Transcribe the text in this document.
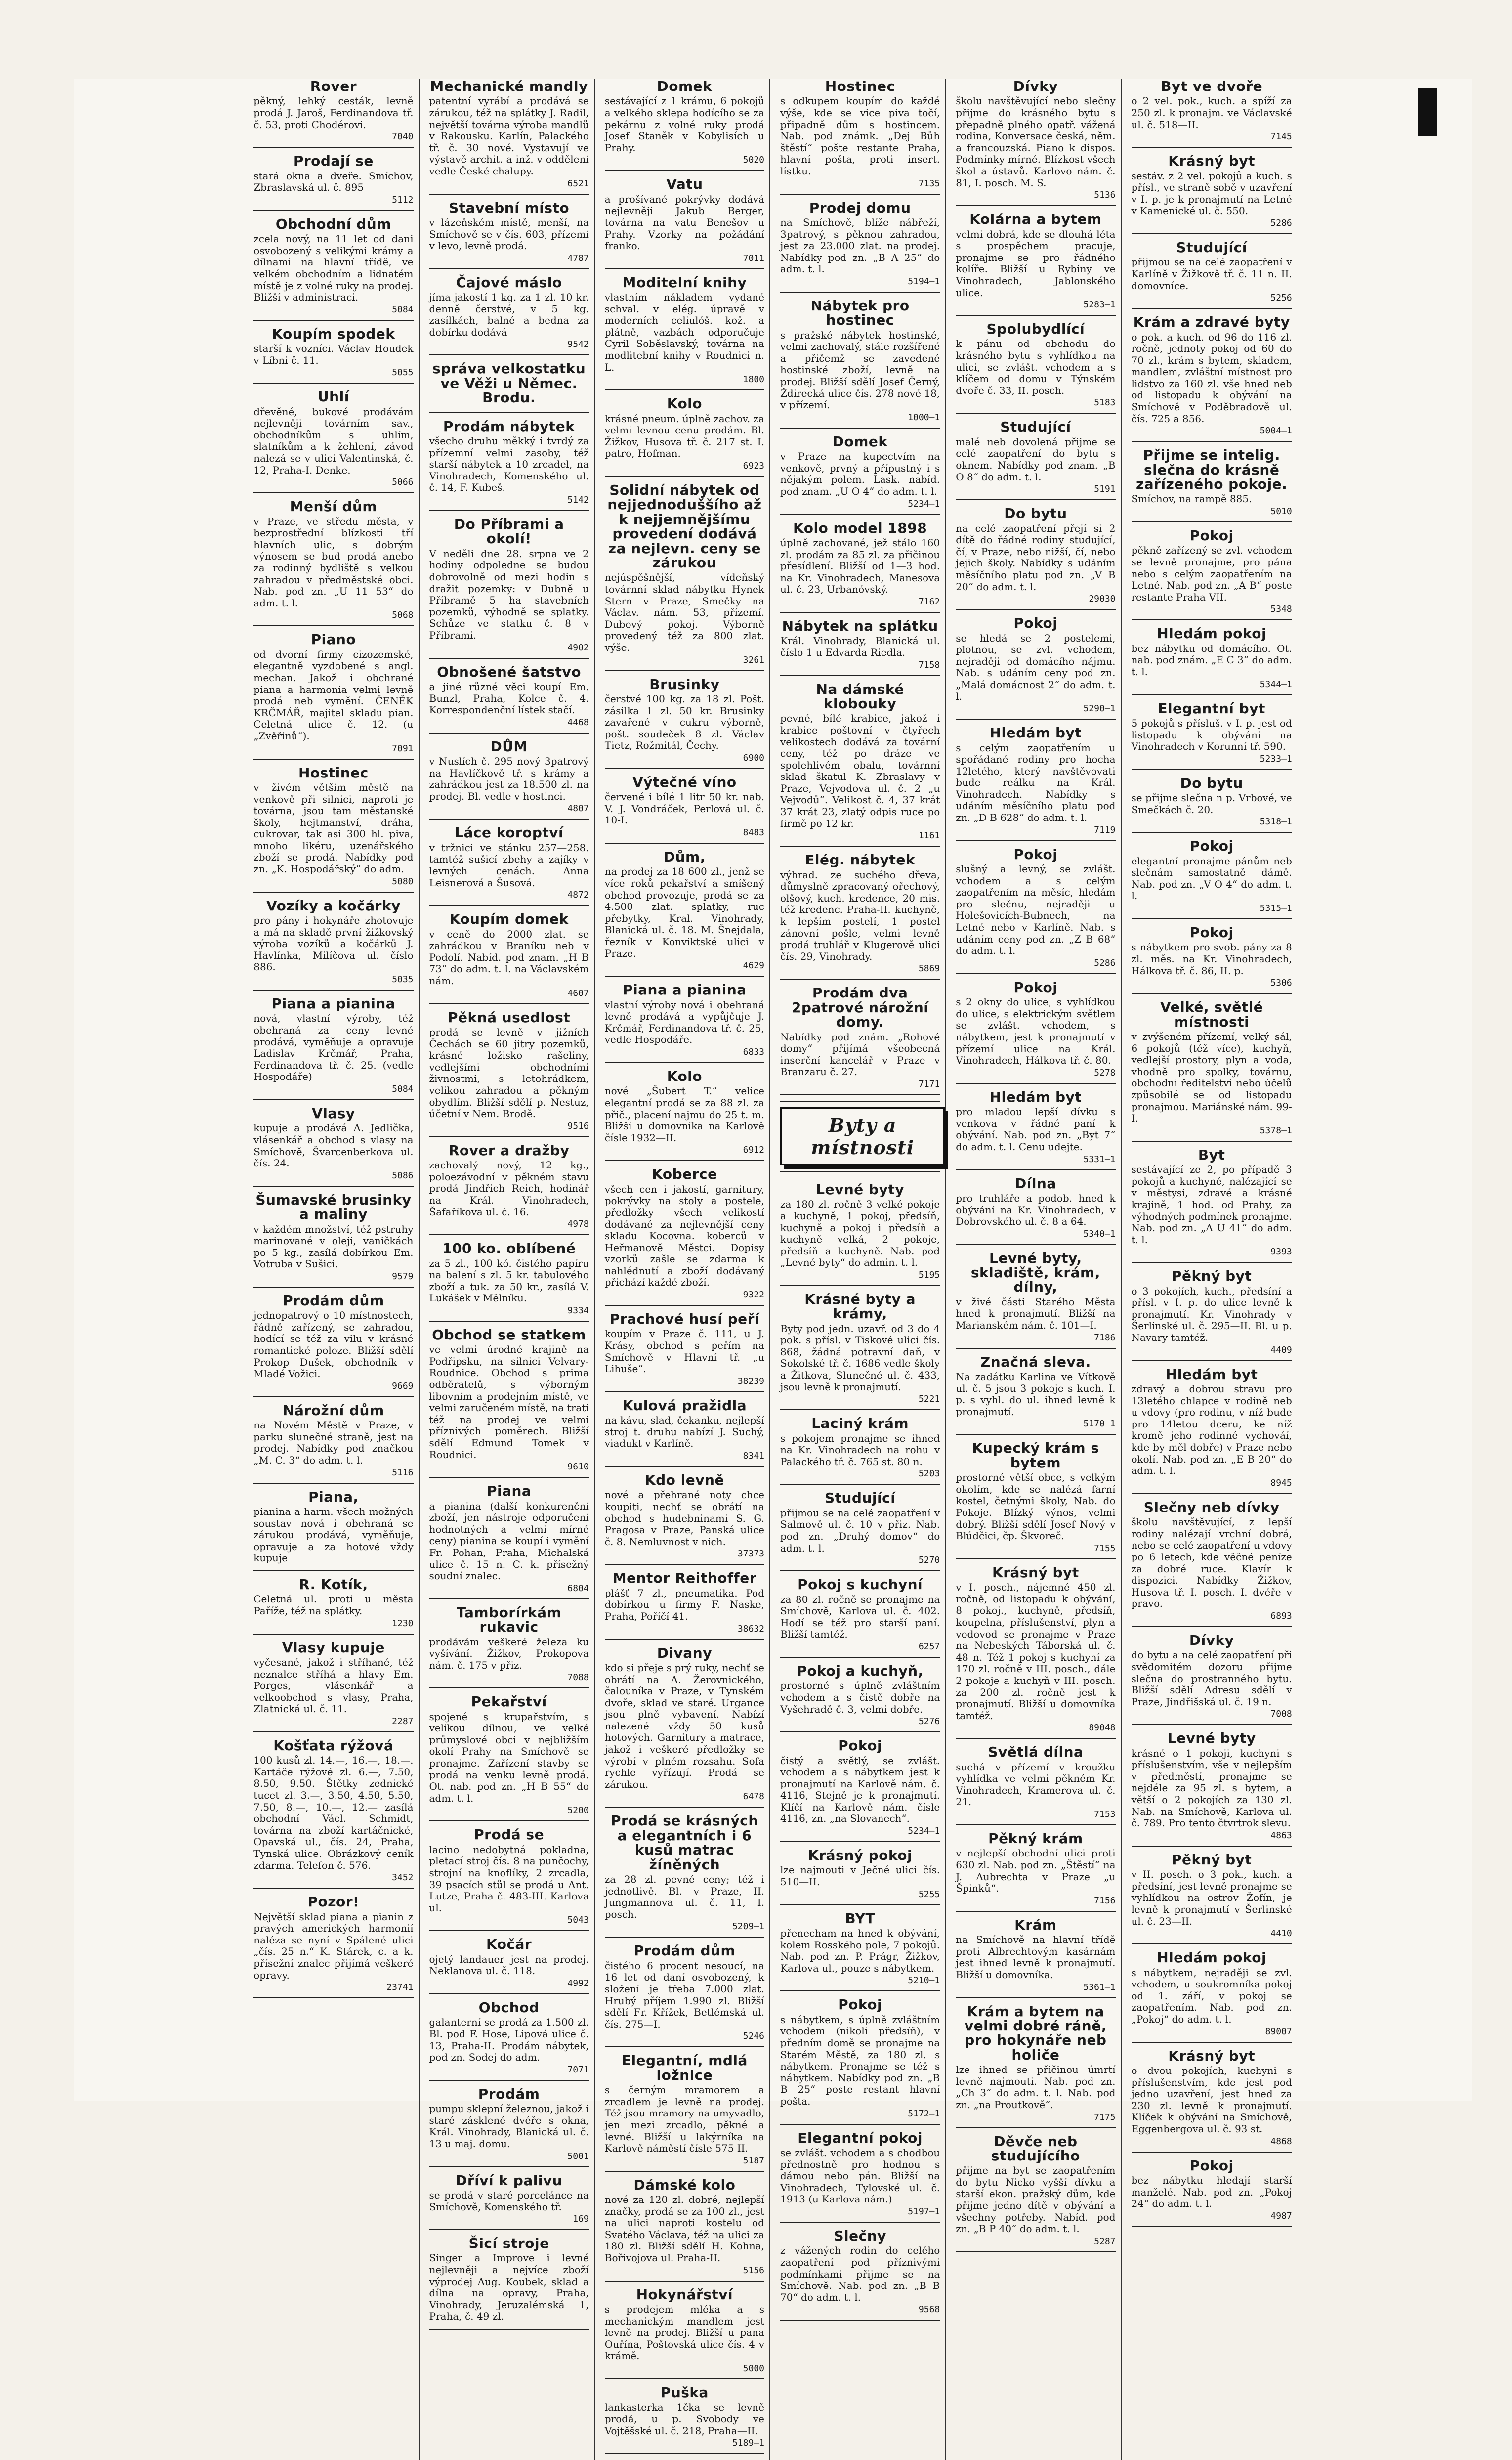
Rover

pěkný, lehký cesták, levně prodá J. Jaroš, Ferdinandova tř. č. 53, proti Chodérovi.

7040
Prodají se

stará okna a dveře. Smíchov, Zbraslavská ul. č. 895

5112
Obchodní dům

zcela nový, na 11 let od dani osvobozený s velikými krámy a dílnami na hlavní třídě, ve velkém obchodním a lidnatém místě je z volné ruky na prodej. Bližší v administraci.

5084
Koupím spodek

starší k vozníci. Václav Houdek v Líbni č. 11.

5055
Uhlí

dřevěné, bukové prodávám nejlevněji továrním sav., obchodníkům s uhlím, slatníkům a k žehlení, závod nalezá se v ulici Valentinská, č. 12, Praha-I. Denke.

5066
Menší dům

v Praze, ve středu města, v bezprostřední blízkosti tří hlavních ulic, s dobrým výnosem se bud prodá anebo za rodinný bydliště s velkou zahradou v předměstské obci. Nab. pod zn. „U 11 53“ do adm. t. l.

5068
Piano

od dvorní firmy cizozemské, elegantně vyzdobené s angl. mechan. Jakož i obchrané piana a harmonia velmi levně prodá neb vymění. ČENĚK KRČMÁŘ, majitel skladu pian. Celetná ulice č. 12. (u „Zvěřinů“).

7091
Hostinec

v živém větším městě na venkově při silnici, naproti je továrna, jsou tam městanské školy, hejtmanství, dráha, cukrovar, tak asi 300 hl. piva, mnoho likéru, uzenářského zboží se prodá. Nabídky pod zn. „K. Hospodářský“ do adm.

5080
Vozíky a kočárky

pro pány i hokynáře zhotovuje a má na skladě první žižkovský výroba vozíků a kočárků J. Havlínka, Milíčova ul. číslo 886.

5035
Piana a pianina

nová, vlastní výroby, též obehraná za ceny levné prodává, vyměňuje a opravuje Ladislav Krčmář, Praha, Ferdinandova tř. č. 25. (vedle Hospodáře)

5084
Vlasy

kupuje a prodává A. Jedlička, vlásenkář a obchod s vlasy na Smíchově, Švarcenberkova ul. čís. 24.

5086
Šumavské brusinky a maliny

v každém množství, též pstruhy marinované v oleji, vaničkách po 5 kg., zasílá dobírkou Em. Votruba v Sušici.

9579
Prodám dům

jednopatrový o 10 místnostech, řádně zařízený, se zahradou, hodící se též za vilu v krásné romantické poloze. Bližší sdělí Prokop Dušek, obchodník v Mladé Vožici.

9669
Nárožní dům

na Novém Městě v Praze, v parku slunečné straně, jest na prodej. Nabídky pod značkou „M. C. 3“ do adm. t. l.

5116
Piana,

pianina a harm. všech možných soustav nová i obehraná se zárukou prodává, vyměňuje, opravuje a za hotové vždy kupuje

R. Kotík,

Celetná ul. proti u města Paříže, též na splátky.

1230
Vlasy kupuje

vyčesané, jakož i stříhané, též neznalce stříhá a hlavy Em. Porges, vlásenkář a velkoobchod s vlasy, Praha, Zlatnická ul. č. 11.

2287
Košťata rýžová

100 kusů zl. 14.—, 16.—, 18.—. Kartáče rýžové zl. 6.—, 7.50, 8.50, 9.50. Štětky zednické tucet zl. 3.—, 3.50, 4.50, 5.50, 7.50, 8.—, 10.—, 12.— zasílá obchodní Václ. Schmidt, továrna na zboží kartáčnické, Opavská ul., čís. 24, Praha, Tynská ulice. Obrázkový ceník zdarma. Telefon č. 576.

3452
Pozor!

Největší sklad piana a pianin z pravých amerických harmonií naléza se nyní v Spálené ulici „čís. 25 n.“ K. Stárek, c. a k. přísežní znalec přijímá veškeré opravy.

23741
Mechanické mandly

patentní vyrábí a prodává se zárukou, též na splátky J. Radil, největší továrna výroba mandlů v Rakousku. Karlín, Palackého tř. č. 30 nové. Vystavují ve výstavě archit. a inž. v oddělení vedle České chalupy.

6521
Stavební místo

v lázeňském místě, menší, na Smíchově se v čís. 603, přízemí v levo, levně prodá.

4787
Čajové máslo

jíma jakostí 1 kg. za 1 zl. 10 kr. denně čerstvé, v 5 kg. zasílkách, balné a bedna za dobírku dodává

9542
správa velkostatku ve Věži u Němec. Brodu.

Prodám nábytek

všecho druhu měkký i tvrdý za přízemní velmi zasoby, též starší nábytek a 10 zrcadel, na Vinohradech, Komenského ul. č. 14, F. Kubeš.

5142
Do Příbrami a okolí!

V neděli dne 28. srpna ve 2 hodiny odpoledne se budou dobrovolně od mezi hodin s dražit pozemky: v Dubně u Příbramě 5 ha stavebních pozemků, výhodně se splatky. Schůze ve statku č. 8 v Příbrami.

4902
Obnošené šatstvo

a jiné různé věci koupí Em. Bunzl, Praha, Kolce č. 4. Korrespondenční lístek stačí.

4468
DŮM

v Nuslích č. 295 nový 3patrový na Havlíčkově tř. s krámy a zahrádkou jest za 18.500 zl. na prodej. Bl. vedle v hostinci.

4807
Láce koroptví

v tržnici ve stánku 257—258. tamtéž sušicí zbehy a zajíky v levných cenách. Anna Leisnerová a Šusová.

4872
Koupím domek

v ceně do 2000 zlat. se zahrádkou v Braníku neb v Podolí. Nabíd. pod znam. „H B 73“ do adm. t. l. na Václavském nám.

4607
Pěkná usedlost

prodá se levně v jižních Čechách se 60 jitry pozemků, krásné ložisko rašeliny, vedlejšími obchodními živnostmi, s letohrádkem, velikou zahradou a pěkným obydlím. Bližší sdělí p. Nestuz, účetní v Nem. Brodě.

9516
Rover a dražby

zachovalý nový, 12 kg., poloezávodní v pěkném stavu prodá Jindřich Reich, hodinář na Král. Vinohradech, Šafaříkova ul. č. 16.

4978
100 ko. oblíbené

za 5 zl., 100 kó. čistého papíru na balení s zl. 5 kr. tabulového zboží a tuk. za 50 kr., zasílá V. Lukášek v Mělníku.

9334
Obchod se statkem

ve velmi úrodné krajině na Podřipsku, na silnici Velvary-Roudnice. Obchod s prima odběratelů, s výborným libovním a prodejním místě, ve velmi zaručeném místě, na trati též na prodej ve velmi příznivých poměrech. Bližší sdělí Edmund Tomek v Roudnici.

9610
Piana

a pianina (další konkurenční zboží, jen nástroje odporučení hodnotných a velmi mírné ceny) pianina se koupí i vymění Fr. Pohan, Praha, Michalská ulice č. 15 n. C. k. přísežný soudní znalec.

6804
Tamborírkám rukavic

prodávám veškeré železa ku vyšívání. Žižkov, Prokopova nám. č. 175 v přiz.

7088
Pekařství

spojené s krupařstvím, s velikou dílnou, ve velké průmyslové obci v nejbližším okolí Prahy na Smíchově se pronajme. Zařízení stavby se prodá na venku levně prodá. Ot. nab. pod zn. „H B 55“ do adm. t. l.

5200
Prodá se

lacino nedobytná pokladna, pletací stroj čís. 8 na punčochy, strojní na knoflíky, 2 zrcadla, 39 psacích stůl se prodá u Ant. Lutze, Praha č. 483-III. Karlova ul.

5043
Kočár

ojetý landauer jest na prodej. Neklanova ul. č. 118.

4992
Obchod

galanterní se prodá za 1.500 zl. Bl. pod F. Hose, Lipová ulice č. 13, Praha-II. Prodám nábytek, pod zn. Sodej do adm.

7071
Prodám

pumpu sklepní železnou, jakož i staré zásklené dvéře s okna, Král. Vinohrady, Blanická ul. č. 13 u maj. domu.

5001
Dříví k palivu

se prodá v staré porcelánce na Smíchově, Komenského tř.

169
Šicí stroje

Singer a Improve i levné nejlevněji a nejvíce zboží výprodej Aug. Koubek, sklad a dílna na opravy, Praha, Vinohrady, Jeruzalémská 1, Praha, č. 49 zl.

Domek

sestávající z 1 krámu, 6 pokojů a velkého sklepa hodícího se za pekárnu z volné ruky prodá Josef Staněk v Kobylisích u Prahy.

5020
Vatu

a prošívané pokrývky dodává nejlevněji Jakub Berger, továrna na vatu Benešov u Prahy. Vzorky na požádání franko.

7011
Moditelní knihy

vlastním nákladem vydané schval. v elég. úpravě v moderních celiulóš. kož. a plátně, vazbách odporučuje Cyril Soběslavský, továrna na modlitební knihy v Roudnici n. L.

1800
Kolo

krásné pneum. úplně zachov. za velmi levnou cenu prodám. Bl. Žižkov, Husova tř. č. 217 st. I. patro, Hofman.

6923
Solidní nábytek od nejjednoduššího až k nejjemnějšímu provedení dodává za nejlevn. ceny se zárukou

nejúspěšnější, vídeňský továrnní sklad nábytku Hynek Stern v Praze, Smečky na Václav. nám. 53, přízemí. Dubový pokoj. Výborně provedený též za 800 zlat. výše.

3261
Brusinky

čerstvé 100 kg. za 18 zl. Pošt. zásilka 1 zl. 50 kr. Brusinky zavařené v cukru výborně, pošt. soudeček 8 zl. Václav Tietz, Rožmitál, Čechy.

6900
Výtečné víno

červené i bílé 1 litr 50 kr. nab. V. J. Vondráček, Perlová ul. č. 10-I.

8483
Dům,

na prodej za 18 600 zl., jenž se více roků pekařství a smíšený obchod provozuje, prodá se za 4.500 zlat. splatky, ruc přebytky, Kral. Vinohrady, Blanická ul. č. 18. M. Šnejdala, řezník v Konviktské ulici v Praze.

4629
Piana a pianina

vlastní výroby nová i obehraná levně prodává a vypůjčuje J. Krčmář, Ferdinandova tř. č. 25, vedle Hospodáře.

6833
Kolo

nové „Šubert T.“ velice elegantní prodá se za 88 zl. za přič., placení najmu do 25 t. m. Bližší u domovníka na Karlově čísle 1932—II.

6912
Koberce

všech cen i jakostí, garnitury, pokrývky na stoly a postele, předložky všech velikostí dodávané za nejlevnější ceny skladu Kocovna. koberců v Heřmanově Městci. Dopisy vzorků zašle se zdarma k nahlédnutí a zboží dodávaný přichází každé zboží.

9322
Prachové husí peří

koupím v Praze č. 111, u J. Krásy, obchod s peřím na Smíchově v Hlavní tř. „u Lihuše“.

38239
Kulová pražidla

na kávu, slad, čekanku, nejlepší stroj t. druhu nabízí J. Suchý, viadukt v Karlíně.

8341
Kdo levně

nové a přehrané noty chce koupiti, nechť se obrátí na obchod s hudebninami S. G. Pragosa v Praze, Panská ulice č. 8. Nemluvnost v nich.

37373
Mentor Reithoffer

plášť 7 zl., pneumatika. Pod dobírkou u firmy F. Naske, Praha, Poříčí 41.

38632
Divany

kdo si přeje s prý ruky, nechť se obrátí na A. Žerovnického, čalouníka v Praze, v Tynském dvoře, sklad ve staré. Urgance jsou plně vybavení. Nabízí nalezené vždy 50 kusů hotových. Garnitury a matrace, jakož i veškeré předložky se výrobí v plném rozsahu. Sofa rychle vyřízují. Prodá se zárukou.

6478
Prodá se krásných a elegantních i 6 kusů matrac žíněných

za 28 zl. pevné ceny; též i jednotlivě. Bl. v Praze, II. Jungmannova ul. č. 11, I. posch.

5209—1
Prodám dům

čistého 6 procent nesoucí, na 16 let od daní osvobozený, k složení je třeba 7.000 zlat. Hrubý příjem 1.990 zl. Bližší sdělí Fr. Křížek, Betlémská ul. čís. 275—I.

5246
Elegantní, mdlá ložnice

s černým mramorem a zrcadlem je levně na prodej. Též jsou mramory na umyvadlo, jen mezi zrcadlo, pěkné a levné. Bližší u lakýrníka na Karlově náměstí čísle 575 II.

5187
Dámské kolo

nové za 120 zl. dobré, nejlepší značky, prodá se za 100 zl., jest na ulici naproti kostelu od Svatého Václava, též na ulici za 180 zl. Bližší sdělí H. Kohna, Bořivojova ul. Praha-II.

5156
Hokynářství

s prodejem mléka a s mechanickým mandlem jest levně na prodej. Bližší u pana Ouřína, Poštovská ulice čís. 4 v krámě.

5000
Puška

lankasterka 1čka se levně prodá, u p. Svobody ve Vojtěšské ul. č. 218, Praha—II.

5189—1
Hostinec

s odkupem koupím do každé výše, kde se vice piva točí, připadně dům s hostincem. Nab. pod známk. „Dej Bůh štěstí“ pošte restante Praha, hlavní pošta, proti insert. lístku.

7135
Prodej domu

na Smíchově, blíže nábřeží, 3patrový, s pěknou zahradou, jest za 23.000 zlat. na prodej. Nabídky pod zn. „B A 25“ do adm. t. l.

5194—1
Nábytek pro hostinec

s pražské nábytek hostinské, velmi zachovalý, stále rozšířené a přičemž se zavedené hostinské zboží, levně na prodej. Bližší sdělí Josef Černý, Ždirecká ulice čís. 278 nové 18, v přízemí.

1000—1
Domek

v Praze na kupectvím na venkově, prvný a přípustný i s nějakým polem. Lask. nabíd. pod znam. „U O 4“ do adm. t. l.

5234—1
Kolo model 1898

úplně zachované, jež stálo 160 zl. prodám za 85 zl. za přičinou přesídlení. Bližší od 1—3 hod. na Kr. Vinohradech, Manesova ul. č. 23, Urbanóvský.

7162
Nábytek na splátku

Král. Vinohrady, Blanická ul. číslo 1 u Edvarda Riedla.

7158
Na dámské klobouky

pevné, bílé krabice, jakož i krabice poštovní v čtyřech velikostech dodává za tovární ceny, též po dráze ve spolehlivém obalu, továrnní sklad škatul K. Zbraslavy v Praze, Vejvodova ul. č. 2 „u Vejvodů“. Velikost č. 4, 37 krát 37 krát 23, zlatý odpis ruce po firmě po 12 kr.

1161
Elég. nábytek

výhrad. ze suchého dřeva, důmyslně zpracovaný ořechový, olšový, kuch. kredence, 20 mis. též kredenc. Praha-II. kuchyně, k lepším postelí, 1 postel zánovní pošle, velmi levně prodá truhlář v Klugerově ulici čís. 29, Vinohrady.

5869
Prodám dva 2patrové nárožní domy.

Nabídky pod znám. „Rohové domy“ přijímá všeobecná inserční kancelář v Praze v Branzaru č. 27.

7171
Byty a místnosti
Levné byty

za 180 zl. ročně 3 velké pokoje a kuchyně, 1 pokoj, předsíň, kuchyně a pokoj i předsíň a kuchyně velká, 2 pokoje, předsíň a kuchyně. Nab. pod „Levné byty“ do admin. t. l.

5195
Krásné byty a krámy,

Byty pod jedn. uzavř. od 3 do 4 pok. s přísl. v Tiskové ulici čís. 868, žádná potravní daň, v Sokolské tř. č. 1686 vedle školy a Žitkova, Slunečné ul. č. 433, jsou levně k pronajmutí.

5221
Laciný krám

s pokojem pronajme se ihned na Kr. Vinohradech na rohu v Palackého tř. č. 765 st. 80 n.

5203
Studující

přijmou se na celé zaopatření v Salmově ul. č. 10 v přiz. Nab. pod zn. „Druhý domov“ do adm. t. l.

5270
Pokoj s kuchyní

za 80 zl. ročně se pronajme na Smíchově, Karlova ul. č. 402. Hodí se též pro starší paní. Bližší tamtéž.

6257
Pokoj a kuchyň,

prostorné s úplně zvláštním vchodem a s čistě dobře na Vyšehradě č. 3, velmi dobře.

5276
Pokoj

čistý a světlý, se zvlášt. vchodem a s nábytkem jest k pronajmutí na Karlově nám. č. 4116, Stejně je k pronajmutí. Klíčí na Karlově nám. čísle 4116, zn. „na Slovanech“.

5234—1
Krásný pokoj

lze najmouti v Ječné ulici čís. 510—II.

5255
BYT

přenecham na hned k obývání, kolem Rosského pole, 7 pokojů. Nab. pod zn. P. Prágr, Žižkov, Karlova ul., pouze s nábytkem.

5210—1
Pokoj

s nábytkem, s úplně zvláštním vchodem (nikoli předsíň), v předním domě se pronajme na Starém Městě, za 180 zl. s nábytkem. Pronajme se též s nábytkem. Nabídky pod zn. „B B 25“ poste restant hlavní pošta.

5172—1
Elegantní pokoj

se zvlášt. vchodem a s chodbou přednostně pro hodnou s dámou nebo pán. Bližší na Vinohradech, Tylovské ul. č. 1913 (u Karlova nám.)

5197—1
Slečny

z vážených rodin do celého zaopatření pod příznivými podmínkami přijme se na Smíchově. Nab. pod zn. „B B 70“ do adm. t. l.

9568
Dívky

školu navštěvující nebo slečny přijme do krásného bytu s přepadně plného opatř. vážená rodina, Konversace česká, něm. a francouzská. Piano k dispos. Podmínky mírné. Blízkost všech škol a ústavů. Karlovo nám. č. 81, I. posch. M. S.

5136
Kolárna a bytem

velmi dobrá, kde se dlouhá léta s prospěchem pracuje, pronajme se pro řádného kolíře. Bližší u Rybiny ve Vinohradech, Jablonského ulice.

5283—1
Spolubydlící

k pánu od obchodu do krásného bytu s vyhlídkou na ulici, se zvlášt. vchodem a s klíčem od domu v Týnském dvoře č. 33, II. posch.

5183
Studující

malé neb dovolená přijme se celé zaopatření do bytu s oknem. Nabídky pod znam. „B O 8“ do adm. t. l.

5191
Do bytu

na celé zaopatření přejí si 2 dítě do řádné rodiny studující, čí, v Praze, nebo nižší, čí, nebo jejich školy. Nabídky s udáním měsíčního platu pod zn. „V B 20“ do adm. t. l.

29030
Pokoj

se hledá se 2 postelemi, plotnou, se zvl. vchodem, nejraději od domácího nájmu. Nab. s udáním ceny pod zn. „Malá domácnost 2“ do adm. t. l.

5290—1
Hledám byt

s celým zaopatřením u spořádané rodiny pro hocha 12letého, který navštěvovati bude reálku na Král. Vinohradech. Nabídky s udáním měsíčního platu pod zn. „D B 628“ do adm. t. l.

7119
Pokoj

slušný a levný, se zvlášt. vchodem a s celým zaopatřením na měsíc, hledám pro slečnu, nejraději u Holešovicích-Bubnech, na Letné nebo v Karlíně. Nab. s udáním ceny pod zn. „Z B 68“ do adm. t. l.

5286
Pokoj

s 2 okny do ulice, s vyhlídkou do ulice, s elektrickým světlem se zvlášt. vchodem, s nábytkem, jest k pronajmutí v přízemí ulice na Král. Vinohradech, Hálkova tř. č. 80.

5278
Hledám byt

pro mladou lepší dívku s venkova v řádné paní k obývání. Nab. pod zn. „Byt 7“ do adm. t. l. Cenu udejte.

5331—1
Dílna

pro truhláře a podob. hned k obývání na Kr. Vinohradech, v Dobrovského ul. č. 8 a 64.

5340—1
Levné byty, skladiště, krám, dílny,

v živé části Starého Města hned k pronajmutí. Bližší na Marianském nám. č. 101—I.

7186
Značná sleva.

Na zadátku Karlina ve Vítkově ul. č. 5 jsou 3 pokoje s kuch. I. p. s vyhl. do ul. ihned levně k pronajmutí.

5170—1
Kupecký krám s bytem

prostorné větší obce, s velkým okolím, kde se nalézá farní kostel, četnými školy, Nab. do Pokoje. Blízký výnos, velmi dobrý. Bližší sdělí Josef Nový v Blúdčici, čp. Škvoreč.

7155
Krásný byt

v I. posch., nájemné 450 zl. ročně, od listopadu k obývání, 8 pokoj., kuchyně, předsíň, koupelna, příslušenství, plyn a vodovod se pronajme v Praze na Nebeských Táborská ul. č. 48 n. Též 1 pokoj s kuchyní za 170 zl. ročně v III. posch., dále 2 pokoje a kuchyň v III. posch. za 200 zl. ročně jest k pronajmutí. Bližší u domovníka tamtéž.

89048
Světlá dílna

suchá v přízemí v kroužku vyhlídka ve velmi pěkném Kr. Vinohradech, Kramerova ul. č. 21.

7153
Pěkný krám

v nejlepší obchodní ulici proti 630 zl. Nab. pod zn. „Štěstí“ na J. Aubrechta v Praze „u Špinků“.

7156
Krám

na Smíchově na hlavní třídě proti Albrechtovým kasárnám jest ihned levně k pronajmutí. Bližší u domovníka.

5361—1
Krám a bytem na velmi dobré ráně, pro hokynáře neb holiče

lze ihned se přičinou úmrtí levně najmouti. Nab. pod zn. „Ch 3“ do adm. t. l. Nab. pod zn. „na Proutkově“.

7175
Děvče neb studujícího

přijme na byt se zaopatřením do bytu Nicko vyšší dívku a starší ekon. pražský dům, kde přijme jedno dítě v obývání a všechny potřeby. Nabíd. pod zn. „B P 40“ do adm. t. l.

5287
Byt ve dvoře

o 2 vel. pok., kuch. a spíží za 250 zl. k pronajm. ve Václavské ul. č. 518—II.

7145
Krásný byt

sestáv. z 2 vel. pokojů a kuch. s přísl., ve straně sobě v uzavření v I. p. je k pronajmutí na Letné v Kamenické ul. č. 550.

5286
Studující

přijmou se na celé zaopatření v Karlíně v Žižkově tř. č. 11 n. II. domovníce.

5256
Krám a zdravé byty

o pok. a kuch. od 96 do 116 zl. ročně, jednoty pokoj od 60 do 70 zl., krám s bytem, skladem, mandlem, zvláštní místnost pro lidstvo za 160 zl. vše hned neb od listopadu k obývání na Smíchově v Poděbradově ul. čís. 725 a 856.

5004—1
Přijme se intelig. slečna do krásně zařízeného pokoje.

Smíchov, na rampě 885.

5010
Pokoj

pěkně zařízený se zvl. vchodem se levně pronajme, pro pána nebo s celým zaopatřením na Letné. Nab. pod zn. „A B“ poste restante Praha VII.

5348
Hledám pokoj

bez nábytku od domácího. Ot. nab. pod znám. „E C 3“ do adm. t. l.

5344—1
Elegantní byt

5 pokojů s přísluš. v I. p. jest od listopadu k obývání na Vinohradech v Korunní tř. 590.

5233—1
Do bytu

se přijme slečna n p. Vrbové, ve Smečkách č. 20.

5318—1
Pokoj

elegantní pronajme pánům neb slečnám samostatně dámě. Nab. pod zn. „V O 4“ do adm. t. l.

5315—1
Pokoj

s nábytkem pro svob. pány za 8 zl. měs. na Kr. Vinohradech, Hálkova tř. č. 86, II. p.

5306
Velké, světlé místnosti

v zvýšeném přízemí, velký sál, 6 pokojů (též více), kuchyň, vedlejší prostory, plyn a voda, vhodně pro spolky, továrnu, obchodní ředitelství nebo účelů způsobilé se od listopadu pronajmou. Mariánské nám. 99-I.

5378—1
Byt

sestávající ze 2, po případě 3 pokojů a kuchyně, nalézající se v městysi, zdravé a krásné krajině, 1 hod. od Prahy, za výhodných podmínek pronajme. Nab. pod zn. „A U 41“ do adm. t. l.

9393
Pěkný byt

o 3 pokojích, kuch., předsíní a přísl. v I. p. do ulice levně k pronajmutí. Kr. Vinohrady v Šerlinské ul. č. 295—II. Bl. u p. Navary tamtéž.

4409
Hledám byt

zdravý a dobrou stravu pro 13letého chlapce v rodině neb u vdovy (pro rodinu, v níž bude pro 14letou dceru, ke níž kromě jeho rodinné vychováí, kde by měl dobře) v Praze nebo okolí. Nab. pod zn. „E B 20“ do adm. t. l.

8945
Slečny neb dívky

školu navštěvující, z lepší rodiny nalézají vrchní dobrá, nebo se celé zaopatření u vdovy po 6 letech, kde věčné peníze za dobré ruce. Klavír k dispozici. Nabídky Žižkov, Husova tř. I. posch. I. dvéře v pravo.

6893
Dívky

do bytu a na celé zaopatření při svědomitém dozoru přijme slečna do prostranného bytu. Bližší sdělí Adresu sdělí v Praze, Jindřišská ul. č. 19 n.

7008
Levné byty

krásné o 1 pokoji, kuchyni s příslušenstvím, vše v nejlepším v předměstí, pronajme se nejdéle za 95 zl. s bytem, a větší o 2 pokojích za 130 zl. Nab. na Smíchově, Karlova ul. č. 789. Pro tento čtvrtrok slevu.

4863
Pěkný byt

v II. posch. o 3 pok., kuch. a předsíní, jest levně pronajme se vyhlídkou na ostrov Žofín, je levně k pronajmutí v Šerlinské ul. č. 23—II.

4410
Hledám pokoj

s nábytkem, nejraději se zvl. vchodem, u soukromníka pokoj od 1. září, v pokoj se zaopatřením. Nab. pod zn. „Pokoj“ do adm. t. l.

89007
Krásný byt

o dvou pokojích, kuchyni s příslušenstvím, kde jest pod jedno uzavření, jest hned za 230 zl. levně k pronajmutí. Klíček k obývání na Smíchově, Eggenbergova ul. č. 93 st.

4868
Pokoj

bez nábytku hledají starší manželé. Nab. pod zn. „Pokoj 24“ do adm. t. l.

4987
